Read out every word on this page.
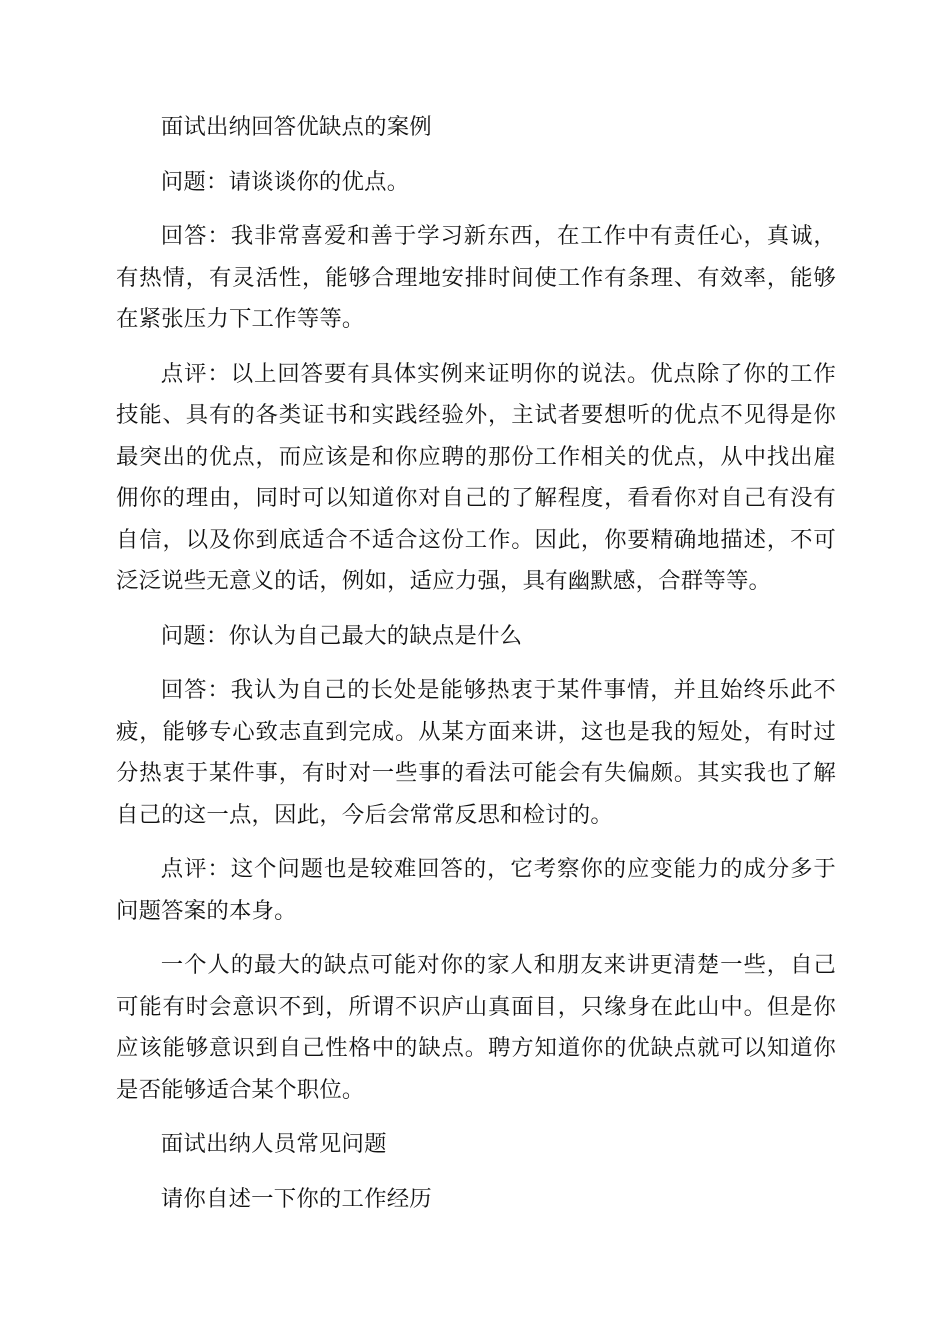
面试出纳回答优缺点的案例

问题：请谈谈你的优点。

回答：我非常喜爱和善于学习新东西，在工作中有责任心，真诚，有热情，有灵活性，能够合理地安排时间使工作有条理、有效率，能够在紧张压力下工作等等。

点评：以上回答要有具体实例来证明你的说法。优点除了你的工作技能、具有的各类证书和实践经验外，主试者要想听的优点不见得是你最突出的优点，而应该是和你应聘的那份工作相关的优点，从中找出雇佣你的理由，同时可以知道你对自己的了解程度，看看你对自己有没有自信，以及你到底适合不适合这份工作。因此，你要精确地描述，不可泛泛说些无意义的话，例如，适应力强，具有幽默感，合群等等。

问题：你认为自己最大的缺点是什么

回答：我认为自己的长处是能够热衷于某件事情，并且始终乐此不疲，能够专心致志直到完成。从某方面来讲，这也是我的短处，有时过分热衷于某件事，有时对一些事的看法可能会有失偏颇。其实我也了解自己的这一点，因此，今后会常常反思和检讨的。

点评：这个问题也是较难回答的，它考察你的应变能力的成分多于问题答案的本身。

一个人的最大的缺点可能对你的家人和朋友来讲更清楚一些，自己可能有时会意识不到，所谓不识庐山真面目，只缘身在此山中。但是你应该能够意识到自己性格中的缺点。聘方知道你的优缺点就可以知道你是否能够适合某个职位。

面试出纳人员常见问题

请你自述一下你的工作经历
